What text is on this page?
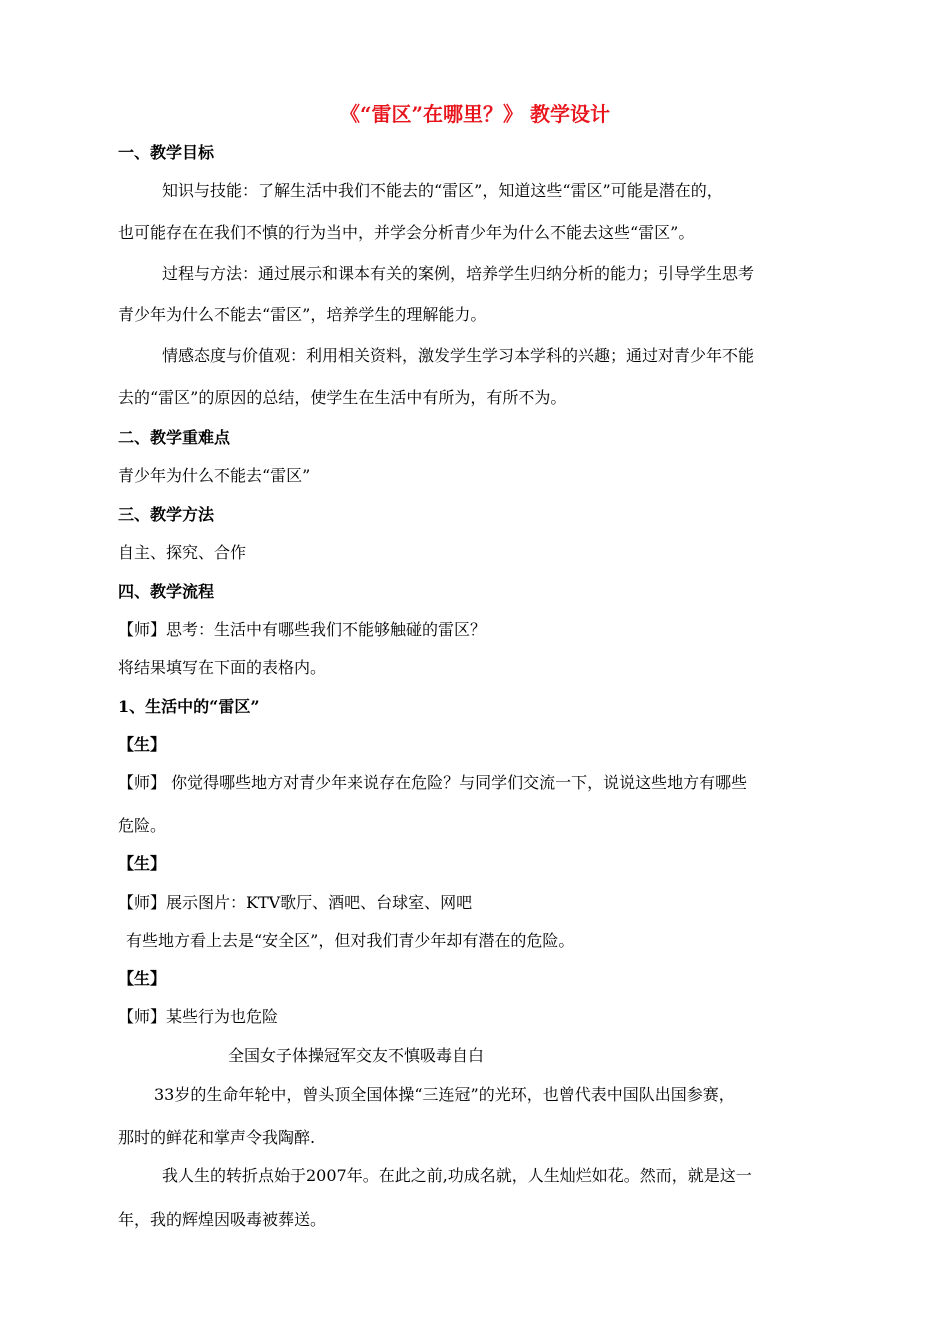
《“雷区”在哪里？》 教学设计
一、教学目标
知识与技能：了解生活中我们不能去的“雷区”，知道这些“雷区”可能是潜在的，
也可能存在在我们不慎的行为当中，并学会分析青少年为什么不能去这些“雷区”。
过程与方法：通过展示和课本有关的案例，培养学生归纳分析的能力；引导学生思考
青少年为什么不能去“雷区”，培养学生的理解能力。
情感态度与价值观：利用相关资料，激发学生学习本学科的兴趣；通过对青少年不能
去的“雷区”的原因的总结，使学生在生活中有所为，有所不为。
二、教学重难点
青少年为什么不能去“雷区”
三、教学方法
自主、探究、合作
四、教学流程
【师】思考：生活中有哪些我们不能够触碰的雷区？
将结果填写在下面的表格内。
1、生活中的“雷区”
【生】
【师】 你觉得哪些地方对青少年来说存在危险？与同学们交流一下，说说这些地方有哪些
危险。
【生】
【师】展示图片：KTV歌厅、酒吧、台球室、网吧
有些地方看上去是“安全区”，但对我们青少年却有潜在的危险。
【生】
【师】某些行为也危险
全国女子体操冠军交友不慎吸毒自白
33岁的生命年轮中，曾头顶全国体操“三连冠”的光环，也曾代表中国队出国参赛，
那时的鲜花和掌声令我陶醉.
我人生的转折点始于2007年。在此之前,功成名就，人生灿烂如花。然而，就是这一
年，我的辉煌因吸毒被葬送。
